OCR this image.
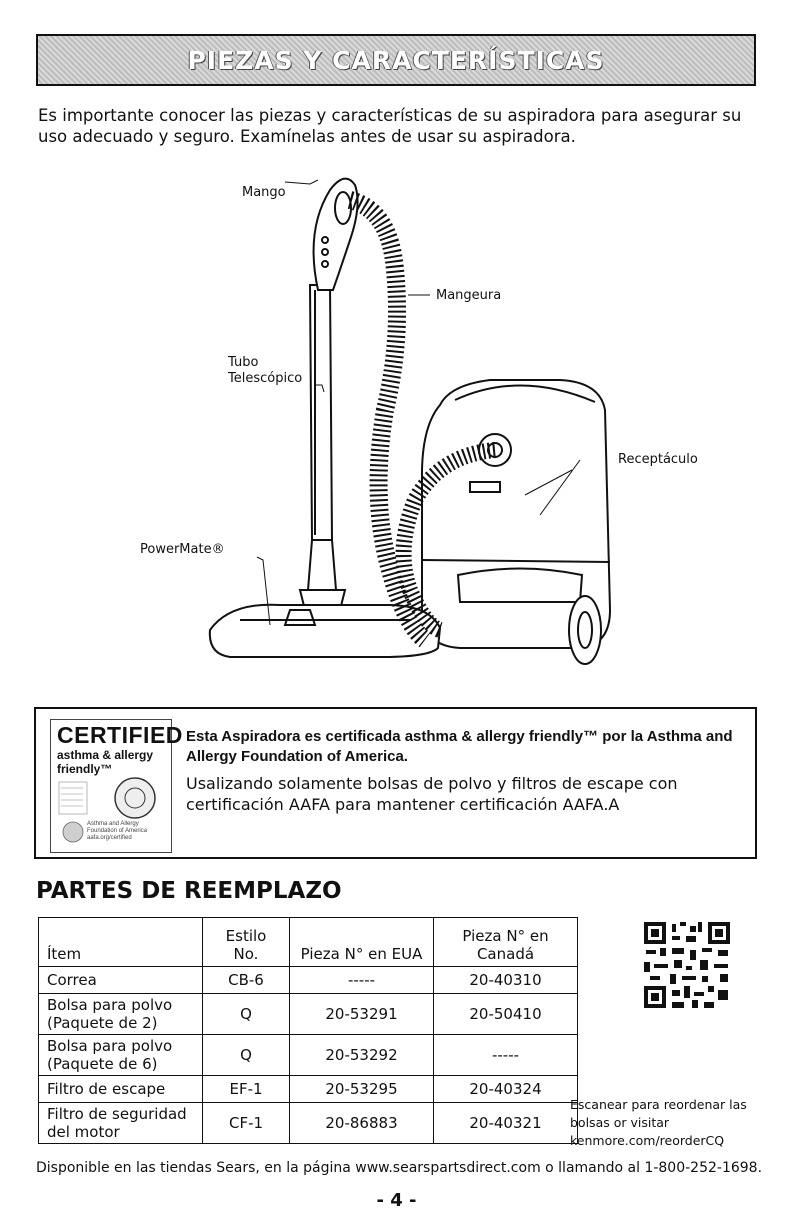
PIEZAS Y CARACTERÍSTICAS

Es importante conocer las piezas y características de su aspiradora para asegurar su uso adecuado y seguro. Examínelas antes de usar su aspiradora.

Mango
Mangeura
Tubo
Telescópico
PowerMate®
Receptáculo
CERTIFIED
asthma & allergy
friendly™
Asthma and Allergy Foundation of America
aafa.org/certified

Esta Aspiradora es certificada asthma & allergy friendly™ por la Asthma and Allergy Foundation of America.

Usalizando solamente bolsas de polvo y filtros de escape con certificación AAFA para mantener certificación AAFA.A

PARTES DE REEMPLAZO
Ítem	Estilo No.	Pieza N° en EUA	Pieza N° en Canadá
Correa	CB-6	-----	20-40310
Bolsa para polvo (Paquete de 2)	Q	20-53291	20-50410
Bolsa para polvo (Paquete de 6)	Q	20-53292	-----
Filtro de escape	EF-1	20-53295	20-40324
Filtro de seguridad del motor	CF-1	20-86883	20-40321

Escanear para reordenar las bolsas or visitar kenmore.com/reorderCQ

Disponible en las tiendas Sears, en la página www.searspartsdirect.com o llamando al 1-800-252-1698.

- 4 -
